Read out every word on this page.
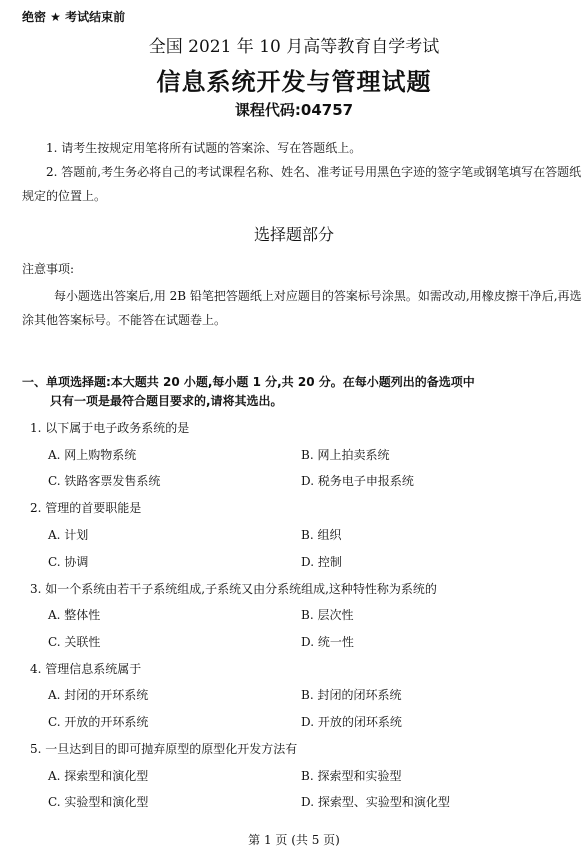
绝密 ★ 考试结束前
全国 2021 年 10 月高等教育自学考试
信息系统开发与管理试题
课程代码:04757
1. 请考生按规定用笔将所有试题的答案涂、写在答题纸上。
2. 答题前,考生务必将自己的考试课程名称、姓名、准考证号用黑色字迹的签字笔或钢笔填写在答题纸规定的位置上。
选择题部分
注意事项:
每小题选出答案后,用 2B 铅笔把答题纸上对应题目的答案标号涂黑。如需改动,用橡皮擦干净后,再选涂其他答案标号。不能答在试题卷上。
一、单项选择题:本大题共 20 小题,每小题 1 分,共 20 分。在每小题列出的备选项中
只有一项是最符合题目要求的,请将其选出。
1. 以下属于电子政务系统的是
A. 网上购物系统	B. 网上拍卖系统
C. 铁路客票发售系统	D. 税务电子申报系统
2. 管理的首要职能是
A. 计划	B. 组织
C. 协调	D. 控制
3. 如一个系统由若干子系统组成,子系统又由分系统组成,这种特性称为系统的
A. 整体性	B. 层次性
C. 关联性	D. 统一性
4. 管理信息系统属于
A. 封闭的开环系统	B. 封闭的闭环系统
C. 开放的开环系统	D. 开放的闭环系统
5. 一旦达到目的即可抛弃原型的原型化开发方法有
A. 探索型和演化型	B. 探索型和实验型
C. 实验型和演化型	D. 探索型、实验型和演化型
第 1 页 (共 5 页)
